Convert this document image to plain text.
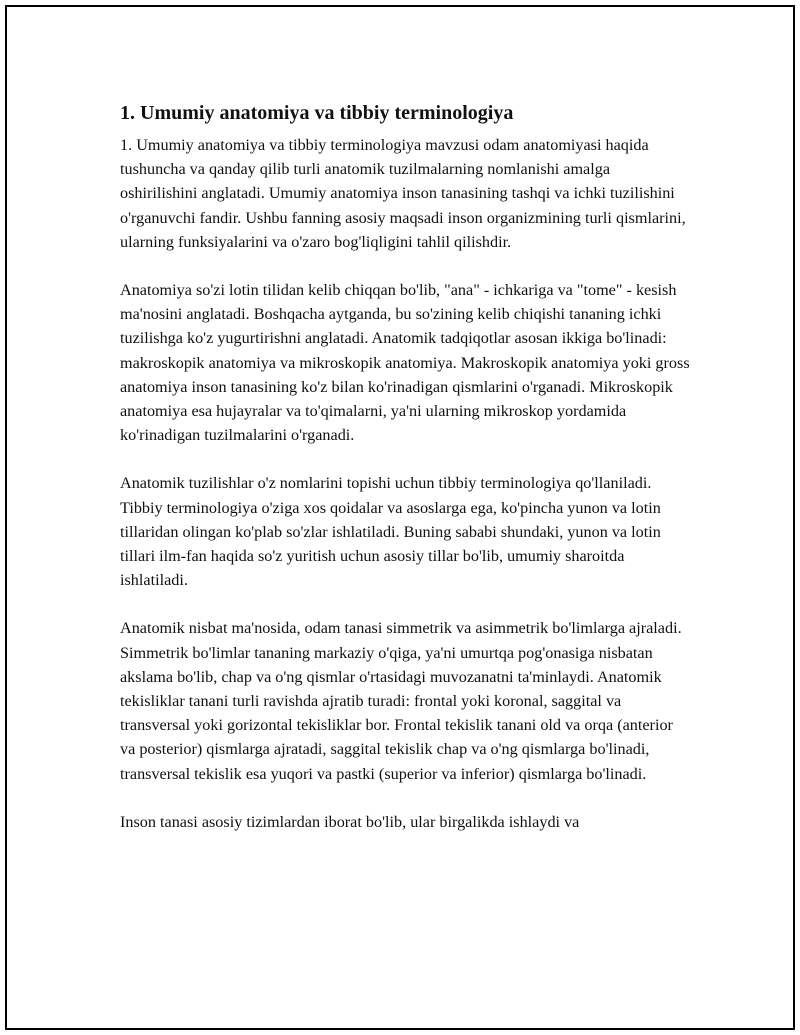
1. Umumiy anatomiya va tibbiy terminologiya

1. Umumiy anatomiya va tibbiy terminologiya mavzusi odam anatomiyasi haqida tushuncha va qanday qilib turli anatomik tuzilmalarning nomlanishi amalga oshirilishini anglatadi. Umumiy anatomiya inson tanasining tashqi va ichki tuzilishini o'rganuvchi fandir. Ushbu fanning asosiy maqsadi inson organizmining turli qismlarini, ularning funksiyalarini va o'zaro bog'liqligini tahlil qilishdir.

Anatomiya so'zi lotin tilidan kelib chiqqan bo'lib, "ana" - ichkariga va "tome" - kesish ma'nosini anglatadi. Boshqacha aytganda, bu so'zining kelib chiqishi tananing ichki tuzilishga ko'z yugurtirishni anglatadi. Anatomik tadqiqotlar asosan ikkiga bo'linadi: makroskopik anatomiya va mikroskopik anatomiya. Makroskopik anatomiya yoki gross anatomiya inson tanasining ko'z bilan ko'rinadigan qismlarini o'rganadi. Mikroskopik anatomiya esa hujayralar va to'qimalarni, ya'ni ularning mikroskop yordamida ko'rinadigan tuzilmalarini o'rganadi.

Anatomik tuzilishlar o'z nomlarini topishi uchun tibbiy terminologiya qo'llaniladi. Tibbiy terminologiya o'ziga xos qoidalar va asoslarga ega, ko'pincha yunon va lotin tillaridan olingan ko'plab so'zlar ishlatiladi. Buning sababi shundaki, yunon va lotin tillari ilm-fan haqida so'z yuritish uchun asosiy tillar bo'lib, umumiy sharoitda ishlatiladi.

Anatomik nisbat ma'nosida, odam tanasi simmetrik va asimmetrik bo'limlarga ajraladi. Simmetrik bo'limlar tananing markaziy o'qiga, ya'ni umurtqa pog'onasiga nisbatan akslama bo'lib, chap va o'ng qismlar o'rtasidagi muvozanatni ta'minlaydi. Anatomik tekisliklar tanani turli ravishda ajratib turadi: frontal yoki koronal, saggital va transversal yoki gorizontal tekisliklar bor. Frontal tekislik tanani old va orqa (anterior va posterior) qismlarga ajratadi, saggital tekislik chap va o'ng qismlarga bo'linadi, transversal tekislik esa yuqori va pastki (superior va inferior) qismlarga bo'linadi.

Inson tanasi asosiy tizimlardan iborat bo'lib, ular birgalikda ishlaydi va
